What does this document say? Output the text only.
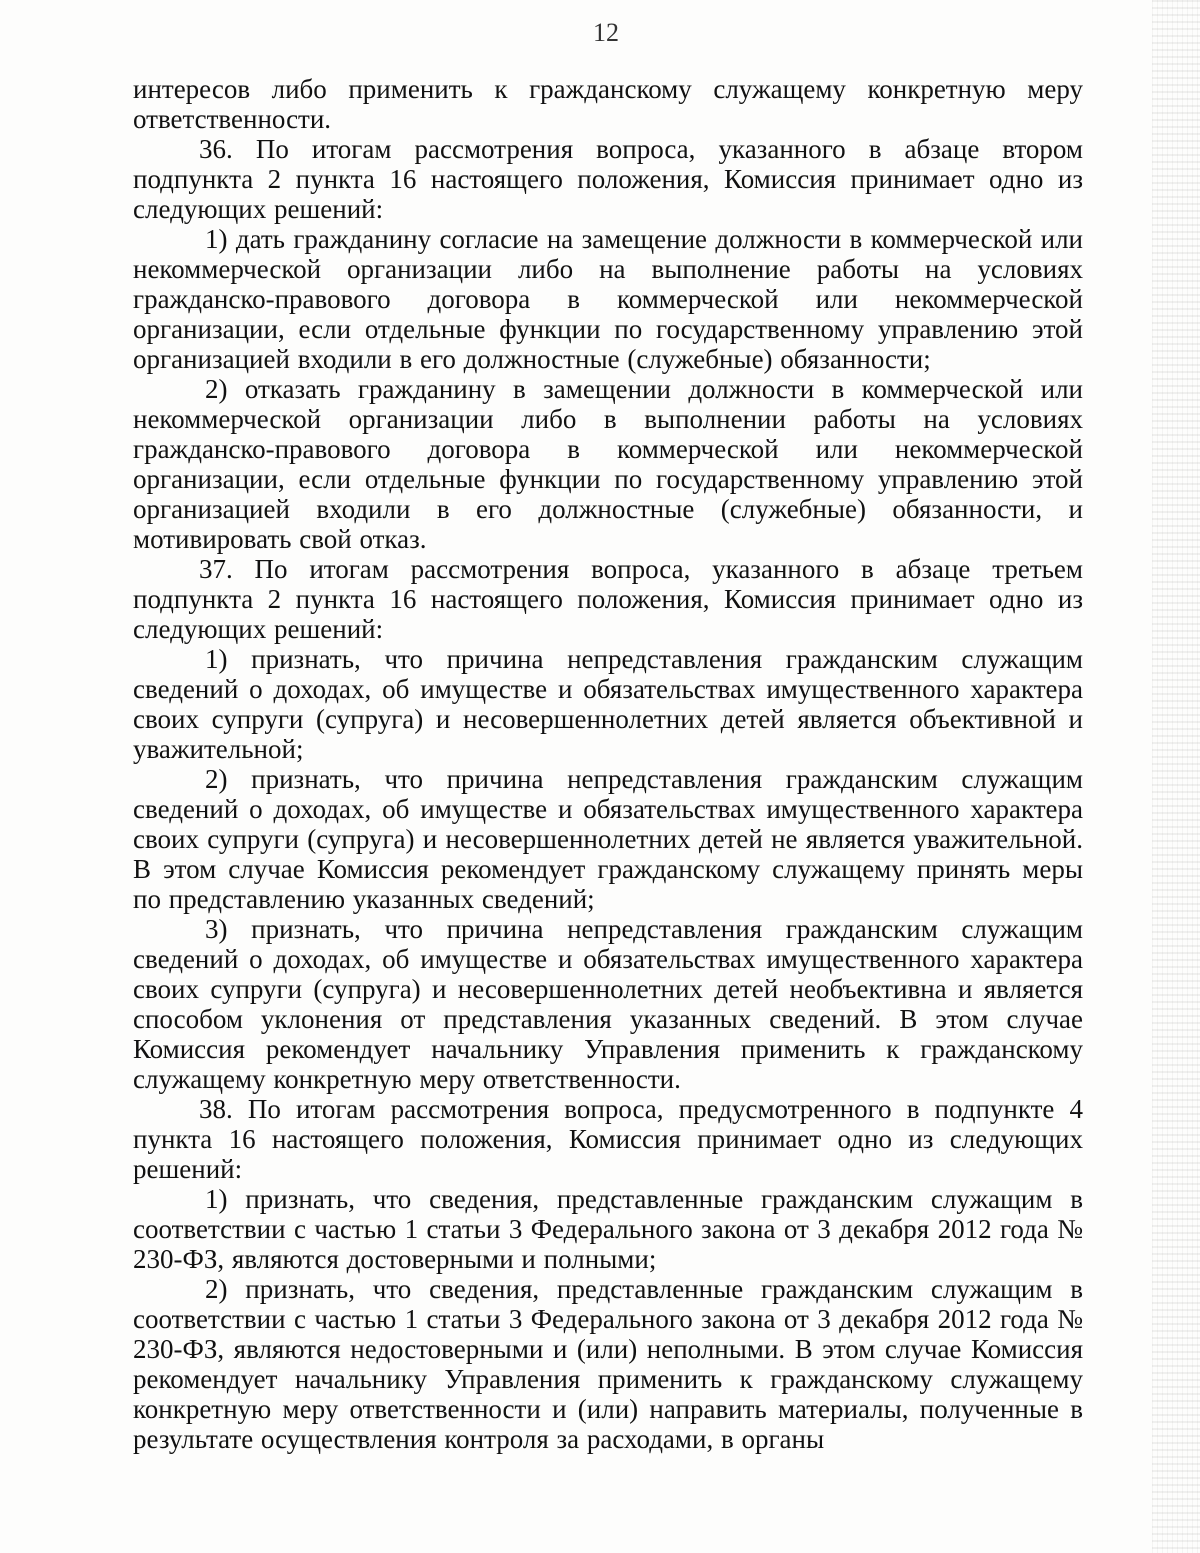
12

интересов либо применить к гражданскому служащему конкретную меру ответственности.

36. По итогам рассмотрения вопроса, указанного в абзаце втором подпункта 2 пункта 16 настоящего положения, Комиссия принимает одно из следующих решений:

1) дать гражданину согласие на замещение должности в коммерческой или некоммерческой организации либо на выполнение работы на условиях гражданско-правового договора в коммерческой или некоммерческой организации, если отдельные функции по государственному управлению этой организацией входили в его должностные (служебные) обязанности;

2) отказать гражданину в замещении должности в коммерческой или некоммерческой организации либо в выполнении работы на условиях гражданско-правового договора в коммерческой или некоммерческой организации, если отдельные функции по государственному управлению этой организацией входили в его должностные (служебные) обязанности, и мотивировать свой отказ.

37. По итогам рассмотрения вопроса, указанного в абзаце третьем подпункта 2 пункта 16 настоящего положения, Комиссия принимает одно из следующих решений:

1) признать, что причина непредставления гражданским служащим сведений о доходах, об имуществе и обязательствах имущественного характера своих супруги (супруга) и несовершеннолетних детей является объективной и уважительной;

2) признать, что причина непредставления гражданским служащим сведений о доходах, об имуществе и обязательствах имущественного характера своих супруги (супруга) и несовершеннолетних детей не является уважительной. В этом случае Комиссия рекомендует гражданскому служащему принять меры по представлению указанных сведений;

3) признать, что причина непредставления гражданским служащим сведений о доходах, об имуществе и обязательствах имущественного характера своих супруги (супруга) и несовершеннолетних детей необъективна и является способом уклонения от представления указанных сведений. В этом случае Комиссия рекомендует начальнику Управления применить к гражданскому служащему конкретную меру ответственности.

38. По итогам рассмотрения вопроса, предусмотренного в подпункте 4 пункта 16 настоящего положения, Комиссия принимает одно из следующих решений:

1) признать, что сведения, представленные гражданским служащим в соответствии с частью 1 статьи 3 Федерального закона от 3 декабря 2012 года № 230-ФЗ, являются достоверными и полными;

2) признать, что сведения, представленные гражданским служащим в соответствии с частью 1 статьи 3 Федерального закона от 3 декабря 2012 года № 230-ФЗ, являются недостоверными и (или) неполными. В этом случае Комиссия рекомендует начальнику Управления применить к гражданскому служащему конкретную меру ответственности и (или) направить материалы, полученные в результате осуществления контроля за расходами, в органы
